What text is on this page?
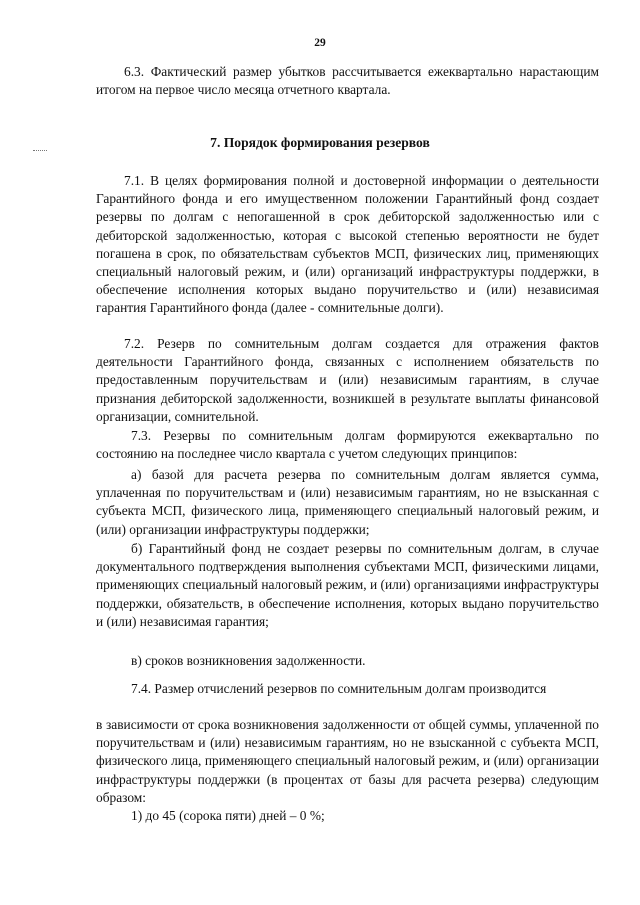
29
6.3. Фактический размер убытков рассчитывается ежеквартально нарастающим итогом на первое число месяца отчетного квартала.
7. Порядок формирования резервов
7.1. В целях формирования полной и достоверной информации о деятельности Гарантийного фонда и его имущественном положении Гарантийный фонд создает резервы по долгам с непогашенной в срок дебиторской задолженностью или с дебиторской задолженностью, которая с высокой степенью вероятности не будет погашена в срок, по обязательствам субъектов МСП, физических лиц, применяющих специальный налоговый режим, и (или) организаций инфраструктуры поддержки, в обеспечение исполнения которых выдано поручительство и (или) независимая гарантия Гарантийного фонда (далее - сомнительные долги).
7.2. Резерв по сомнительным долгам создается для отражения фактов деятельности Гарантийного фонда, связанных с исполнением обязательств по предоставленным поручительствам и (или) независимым гарантиям, в случае признания дебиторской задолженности, возникшей в результате выплаты финансовой организации, сомнительной.
7.3. Резервы по сомнительным долгам формируются ежеквартально по состоянию на последнее число квартала с учетом следующих принципов:
а) базой для расчета резерва по сомнительным долгам является сумма, уплаченная по поручительствам и (или) независимым гарантиям, но не взысканная с субъекта МСП, физического лица, применяющего специальный налоговый режим, и (или) организации инфраструктуры поддержки;
б) Гарантийный фонд не создает резервы по сомнительным долгам, в случае документального подтверждения выполнения субъектами МСП, физическими лицами, применяющих специальный налоговый режим, и (или) организациями инфраструктуры поддержки, обязательств, в обеспечение исполнения, которых выдано поручительство и (или) независимая гарантия;
в) сроков возникновения задолженности.
7.4. Размер отчислений резервов по сомнительным долгам производится
в зависимости от срока возникновения задолженности от общей суммы, уплаченной по поручительствам и (или) независимым гарантиям, но не взысканной с субъекта МСП, физического лица, применяющего специальный налоговый режим, и (или) организации инфраструктуры поддержки (в процентах от базы для расчета резерва) следующим образом:
1) до 45 (сорока пяти) дней – 0 %;
